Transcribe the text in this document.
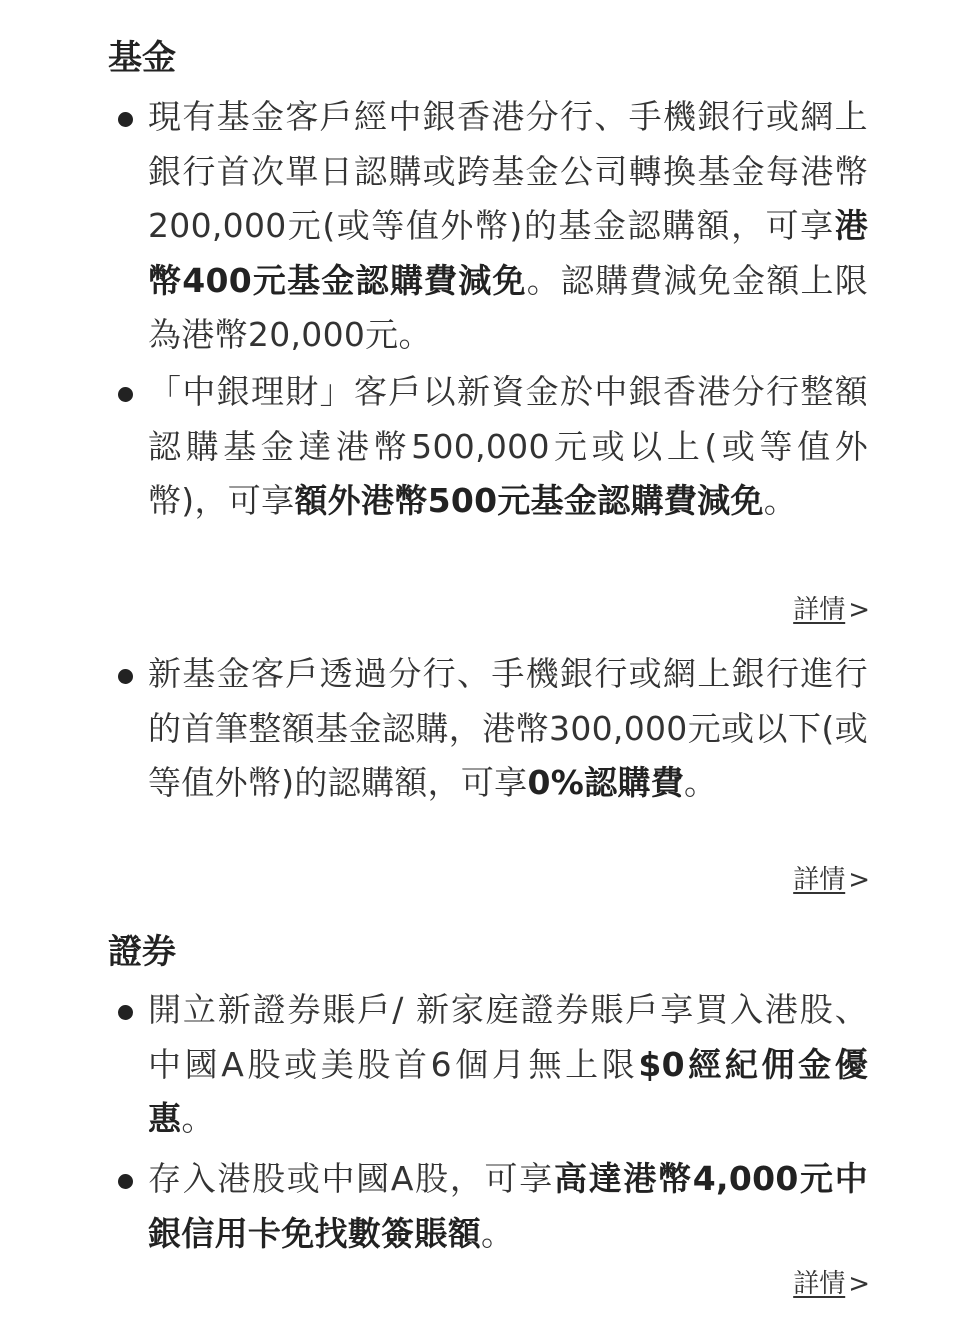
基金
現有基金客戶經中銀香港分行、手機銀行或網上銀行首次單日認購或跨基金公司轉換基金每港幣200,000元(或等值外幣)的基金認購額，可享港幣400元基金認購費減免。認購費減免金額上限為港幣20,000元。
「中銀理財」客戶以新資金於中銀香港分行整額認購基金達港幣500,000元或以上(或等值外幣)，可享額外港幣500元基金認購費減免。
詳情 >
新基金客戶透過分行、手機銀行或網上銀行進行的首筆整額基金認購，港幣300,000元或以下(或等值外幣)的認購額，可享0%認購費。
詳情 >
證券
開立新證券賬戶/ 新家庭證券賬戶享買入港股、中國A股或美股首6個月無上限$0經紀佣金優惠。
存入港股或中國A股，可享高達港幣4,000元中銀信用卡免找數簽賬額。
詳情 >
